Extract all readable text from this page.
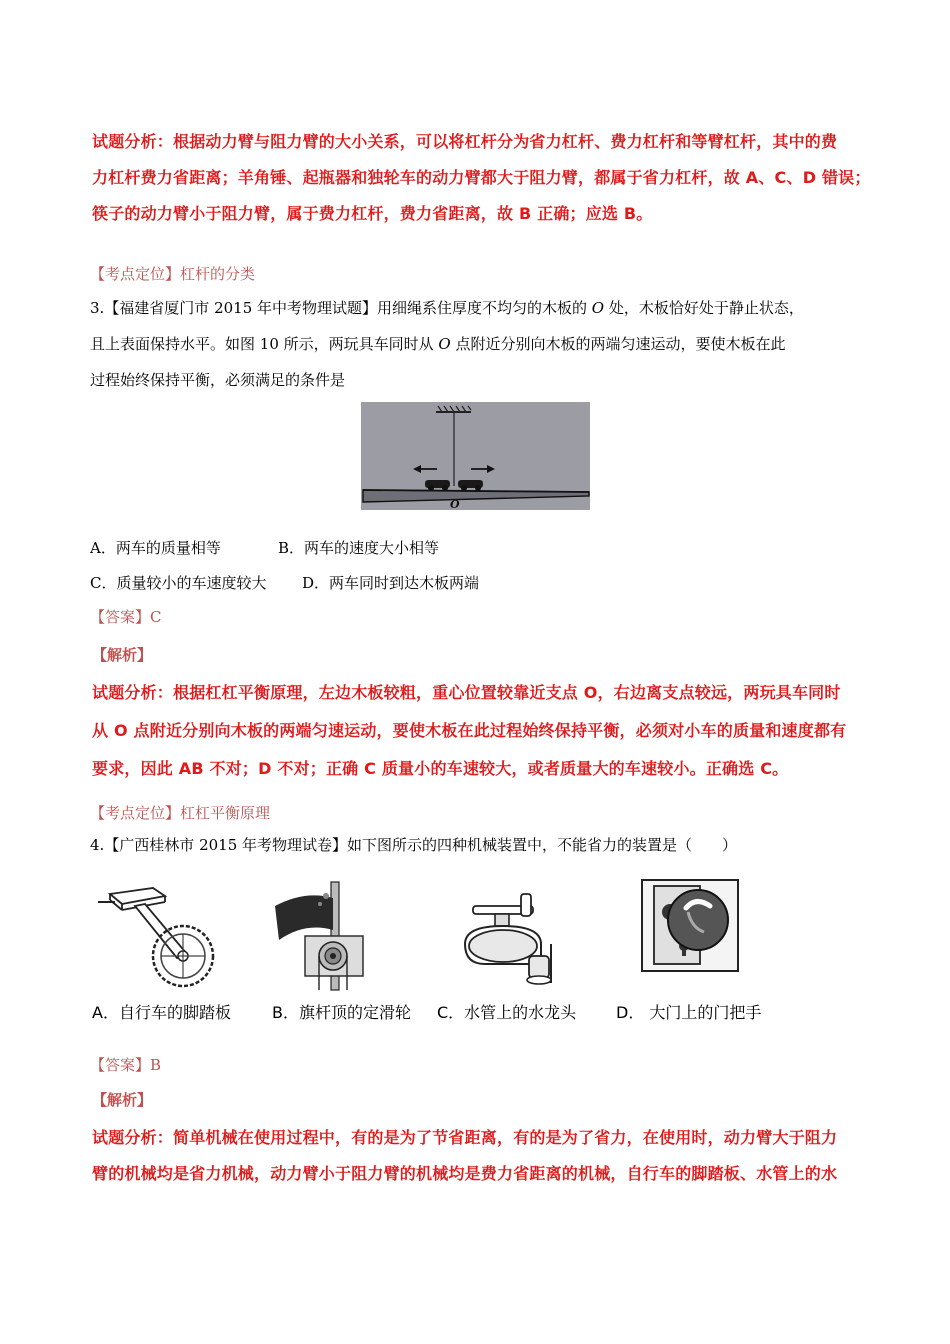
试题分析：根据动力臂与阻力臂的大小关系，可以将杠杆分为省力杠杆、费力杠杆和等臂杠杆，其中的费
力杠杆费力省距离；羊角锤、起瓶器和独轮车的动力臂都大于阻力臂，都属于省力杠杆，故 A、C、D 错误；
筷子的动力臂小于阻力臂，属于费力杠杆，费力省距离，故 B 正确；应选 B。
【考点定位】杠杆的分类
3.【福建省厦门市 2015 年中考物理试题】用细绳系住厚度不均匀的木板的 O 处，木板恰好处于静止状态，
且上表面保持水平。如图 10 所示，两玩具车同时从 O 点附近分别向木板的两端匀速运动，要使木板在此
过程始终保持平衡，必须满足的条件是
O
A．两车的质量相等	B．两车的速度大小相等
C．质量较小的车速度较大 D．两车同时到达木板两端
【答案】C
【解析】
试题分析：根据杠杠平衡原理，左边木板较粗，重心位置较靠近支点 O，右边离支点较远，两玩具车同时
从 O 点附近分别向木板的两端匀速运动，要使木板在此过程始终保持平衡，必须对小车的质量和速度都有
要求，因此 AB 不对；D 不对；正确 C 质量小的车速较大，或者质量大的车速较小。正确选 C。
【考点定位】杠杠平衡原理
4.【广西桂林市 2015 年考物理试卷】如下图所示的四种机械装置中，不能省力的装置是（　　）
A．自行车的脚踏板	B．旗杆顶的定滑轮 C．水管上的水龙头 D． 大门上的门把手
【答案】B
【解析】
试题分析：简单机械在使用过程中，有的是为了节省距离，有的是为了省力，在使用时，动力臂大于阻力
臂的机械均是省力机械，动力臂小于阻力臂的机械均是费力省距离的机械，自行车的脚踏板、水管上的水
